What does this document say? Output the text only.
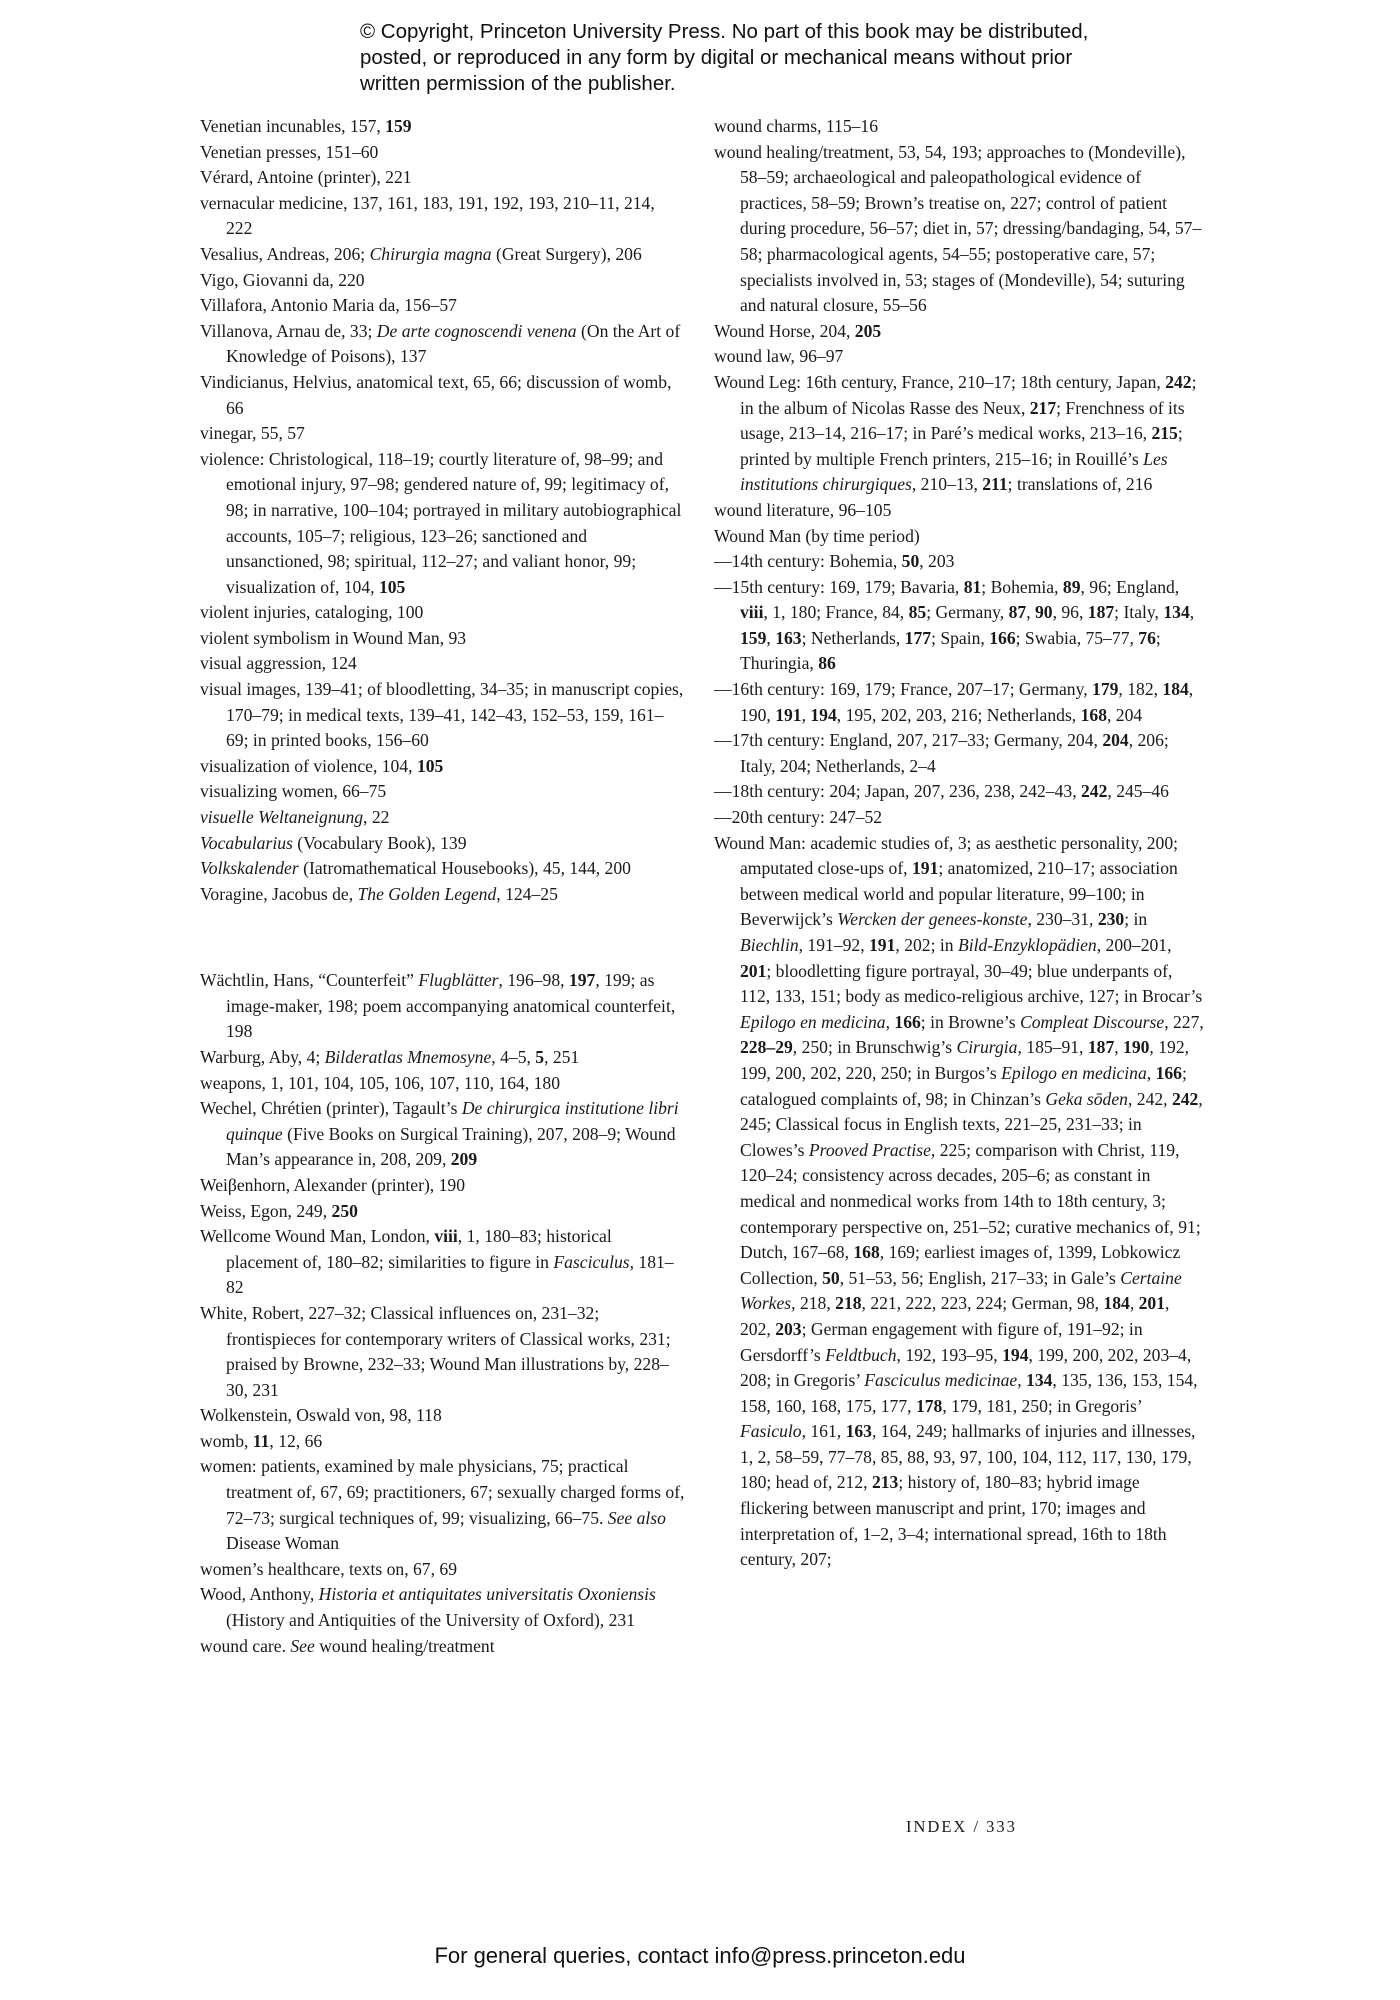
© Copyright, Princeton University Press. No part of this book may be distributed, posted, or reproduced in any form by digital or mechanical means without prior written permission of the publisher.

Venetian incunables, 157, 159

Venetian presses, 151–60

Vérard, Antoine (printer), 221

vernacular medicine, 137, 161, 183, 191, 192, 193, 210–11, 214, 222

Vesalius, Andreas, 206; Chirurgia magna (Great Surgery), 206

Vigo, Giovanni da, 220

Villafora, Antonio Maria da, 156–57

Villanova, Arnau de, 33; De arte cognoscendi venena (On the Art of Knowledge of Poisons), 137

Vindicianus, Helvius, anatomical text, 65, 66; discussion of womb, 66

vinegar, 55, 57

violence: Christological, 118–19; courtly literature of, 98–99; and emotional injury, 97–98; gendered nature of, 99; legitimacy of, 98; in narrative, 100–104; portrayed in military autobiographical accounts, 105–7; religious, 123–26; sanctioned and unsanctioned, 98; spiritual, 112–27; and valiant honor, 99; visualization of, 104, 105

violent injuries, cataloging, 100

violent symbolism in Wound Man, 93

visual aggression, 124

visual images, 139–41; of bloodletting, 34–35; in manuscript copies, 170–79; in medical texts, 139–41, 142–43, 152–53, 159, 161–69; in printed books, 156–60

visualization of violence, 104, 105

visualizing women, 66–75

visuelle Weltaneignung, 22

Vocabularius (Vocabulary Book), 139

Volkskalender (Iatromathematical Housebooks), 45, 144, 200

Voragine, Jacobus de, The Golden Legend, 124–25

Wächtlin, Hans, “Counterfeit” Flugblätter, 196–98, 197, 199; as image-maker, 198; poem accompanying anatomical counterfeit, 198

Warburg, Aby, 4; Bilderatlas Mnemosyne, 4–5, 5, 251

weapons, 1, 101, 104, 105, 106, 107, 110, 164, 180

Wechel, Chrétien (printer), Tagault’s De chirurgica institutione libri quinque (Five Books on Surgical Training), 207, 208–9; Wound Man’s appearance in, 208, 209, 209

Weiβenhorn, Alexander (printer), 190

Weiss, Egon, 249, 250

Wellcome Wound Man, London, viii, 1, 180–83; historical placement of, 180–82; similarities to figure in Fasciculus, 181–82

White, Robert, 227–32; Classical influences on, 231–32; frontispieces for contemporary writers of Classical works, 231; praised by Browne, 232–33; Wound Man illustrations by, 228–30, 231

Wolkenstein, Oswald von, 98, 118

womb, 11, 12, 66

women: patients, examined by male physicians, 75; practical treatment of, 67, 69; practitioners, 67; sexually charged forms of, 72–73; surgical techniques of, 99; visualizing, 66–75. See also Disease Woman

women’s healthcare, texts on, 67, 69

Wood, Anthony, Historia et antiquitates universitatis Oxoniensis (History and Antiquities of the University of Oxford), 231

wound care. See wound healing/treatment

wound charms, 115–16

wound healing/treatment, 53, 54, 193; approaches to (Mondeville), 58–59; archaeological and paleopathological evidence of practices, 58–59; Brown’s treatise on, 227; control of patient during procedure, 56–57; diet in, 57; dressing/bandaging, 54, 57–58; pharmacological agents, 54–55; postoperative care, 57; specialists involved in, 53; stages of (Mondeville), 54; suturing and natural closure, 55–56

Wound Horse, 204, 205

wound law, 96–97

Wound Leg: 16th century, France, 210–17; 18th century, Japan, 242; in the album of Nicolas Rasse des Neux, 217; Frenchness of its usage, 213–14, 216–17; in Paré’s medical works, 213–16, 215; printed by multiple French printers, 215–16; in Rouillé’s Les institutions chirurgiques, 210–13, 211; translations of, 216

wound literature, 96–105

Wound Man (by time period)

—14th century: Bohemia, 50, 203

—15th century: 169, 179; Bavaria, 81; Bohemia, 89, 96; England, viii, 1, 180; France, 84, 85; Germany, 87, 90, 96, 187; Italy, 134, 159, 163; Netherlands, 177; Spain, 166; Swabia, 75–77, 76; Thuringia, 86

—16th century: 169, 179; France, 207–17; Germany, 179, 182, 184, 190, 191, 194, 195, 202, 203, 216; Netherlands, 168, 204

—17th century: England, 207, 217–33; Germany, 204, 204, 206; Italy, 204; Netherlands, 2–4

—18th century: 204; Japan, 207, 236, 238, 242–43, 242, 245–46

—20th century: 247–52

Wound Man: academic studies of, 3; as aesthetic personality, 200; amputated close-ups of, 191; anatomized, 210–17; association between medical world and popular literature, 99–100; in Beverwijck’s Wercken der genees-konste, 230–31, 230; in Biechlin, 191–92, 191, 202; in Bild-Enzyklopädien, 200–201, 201; bloodletting figure portrayal, 30–49; blue underpants of, 112, 133, 151; body as medico-religious archive, 127; in Brocar’s Epilogo en medicina, 166; in Browne’s Compleat Discourse, 227, 228–29, 250; in Brunschwig’s Cirurgia, 185–91, 187, 190, 192, 199, 200, 202, 220, 250; in Burgos’s Epilogo en medicina, 166; catalogued complaints of, 98; in Chinzan’s Geka sōden, 242, 242, 245; Classical focus in English texts, 221–25, 231–33; in Clowes’s Prooved Practise, 225; comparison with Christ, 119, 120–24; consistency across decades, 205–6; as constant in medical and nonmedical works from 14th to 18th century, 3; contemporary perspective on, 251–52; curative mechanics of, 91; Dutch, 167–68, 168, 169; earliest images of, 1399, Lobkowicz Collection, 50, 51–53, 56; English, 217–33; in Gale’s Certaine Workes, 218, 218, 221, 222, 223, 224; German, 98, 184, 201, 202, 203; German engagement with figure of, 191–92; in Gersdorff’s Feldtbuch, 192, 193–95, 194, 199, 200, 202, 203–4, 208; in Gregoris’ Fasciculus medicinae, 134, 135, 136, 153, 154, 158, 160, 168, 175, 177, 178, 179, 181, 250; in Gregoris’ Fasiculo, 161, 163, 164, 249; hallmarks of injuries and illnesses, 1, 2, 58–59, 77–78, 85, 88, 93, 97, 100, 104, 112, 117, 130, 179, 180; head of, 212, 213; history of, 180–83; hybrid image flickering between manuscript and print, 170; images and interpretation of, 1–2, 3–4; international spread, 16th to 18th century, 207;

INDEX / 333
For general queries, contact info@press.princeton.edu
